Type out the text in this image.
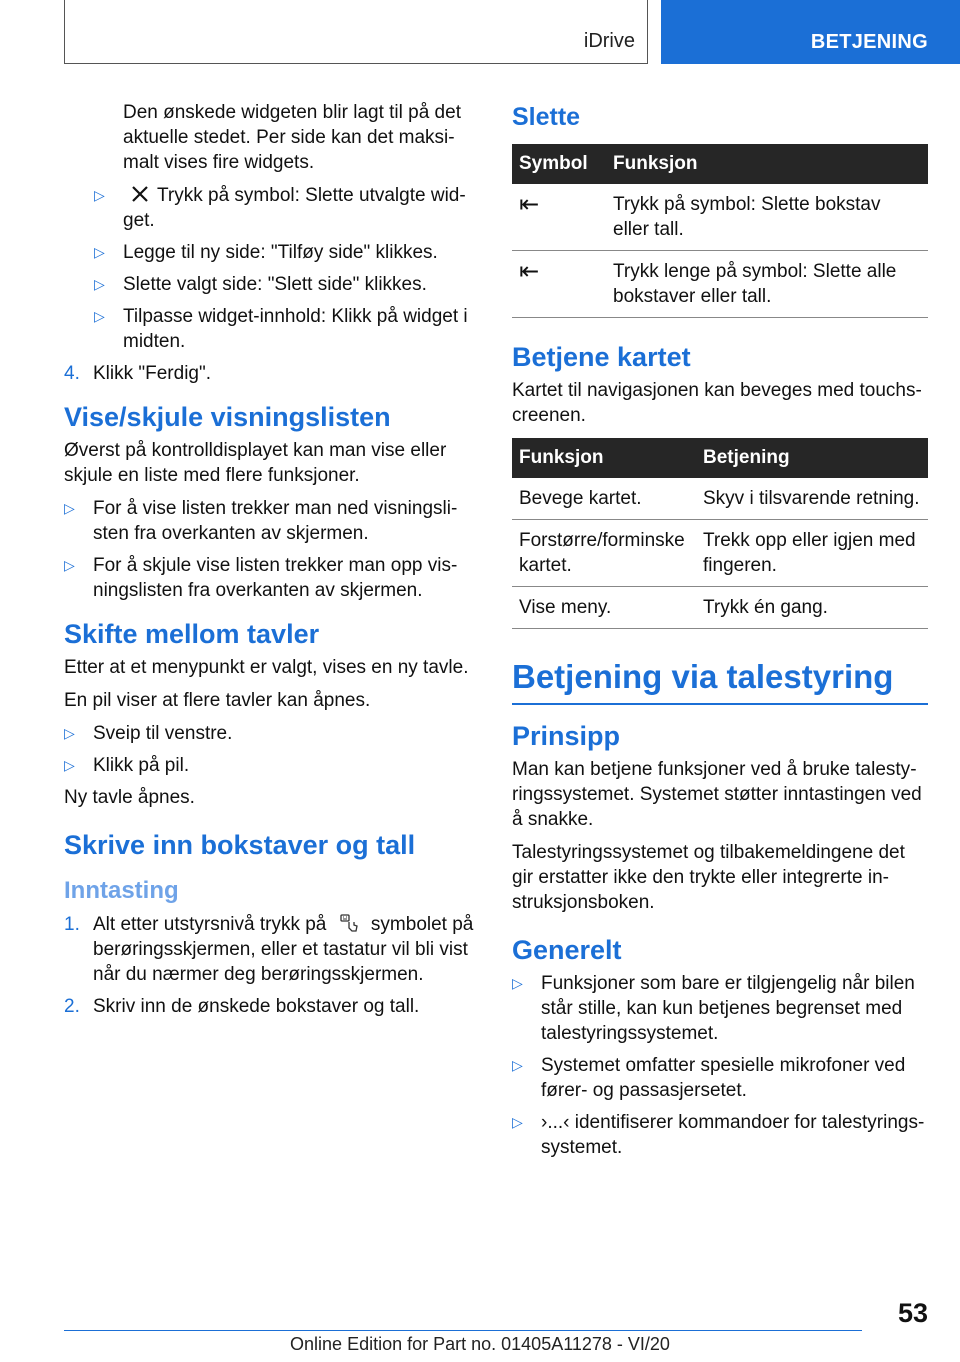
iDrive	BETJENING

Den ønskede widgeten blir lagt til på det aktuelle stedet. Per side kan det maksimalt vises fire widgets.

▷	Trykk på symbol: Slette utvalgte widget.
▷ Legge til ny side: "Tilføy side" klikkes.
▷ Slette valgt side: "Slett side" klikkes.
▷ Tilpasse widget-innhold: Klikk på widget i midten.
4. Klikk "Ferdig".
Vise/skjule visningslisten

Øverst på kontrolldisplayet kan man vise eller skjule en liste med flere funksjoner.

▷ For å vise listen trekker man ned visningslisten fra overkanten av skjermen.
▷ For å skjule vise listen trekker man opp visningslisten fra overkanten av skjermen.
Skifte mellom tavler

Etter at et menypunkt er valgt, vises en ny tavle.

En pil viser at flere tavler kan åpnes.

▷ Sveip til venstre.
▷ Klikk på pil.

Ny tavle åpnes.

Skrive inn bokstaver og tall
Inntasting
1. Alt etter utstyrsnivå trykk på symbolet på berøringsskjermen, eller et tastatur vil bli vist når du nærmer deg berøringsskjermen.
2. Skriv inn de ønskede bokstaver og tall.
Slette
Symbol	Funksjon
⇤	Trykk på symbol: Slette bokstav eller tall.
⇤	Trykk lenge på symbol: Slette alle bokstaver eller tall.
Betjene kartet

Kartet til navigasjonen kan beveges med touchscreenen.

Funksjon	Betjening
Bevege kartet.	Skyv i tilsvarende retning.
Forstørre/forminske kartet.	Trekk opp eller igjen med fingeren.
Vise meny.	Trykk én gang.
Betjening via talestyring
Prinsipp

Man kan betjene funksjoner ved å bruke talestyringssystemet. Systemet støtter inntastingen ved å snakke.

Talestyringssystemet og tilbakemeldingene det gir erstatter ikke den trykte eller integrerte instruksjonsboken.

Generelt
▷ Funksjoner som bare er tilgjengelig når bilen står stille, kan kun betjenes begrenset med talestyringssystemet.
▷ Systemet omfatter spesielle mikrofoner ved fører- og passasjersetet.
▷ ›...‹ identifiserer kommandoer for talestyringssystemet.
53
Online Edition for Part no. 01405A11278 - VI/20
